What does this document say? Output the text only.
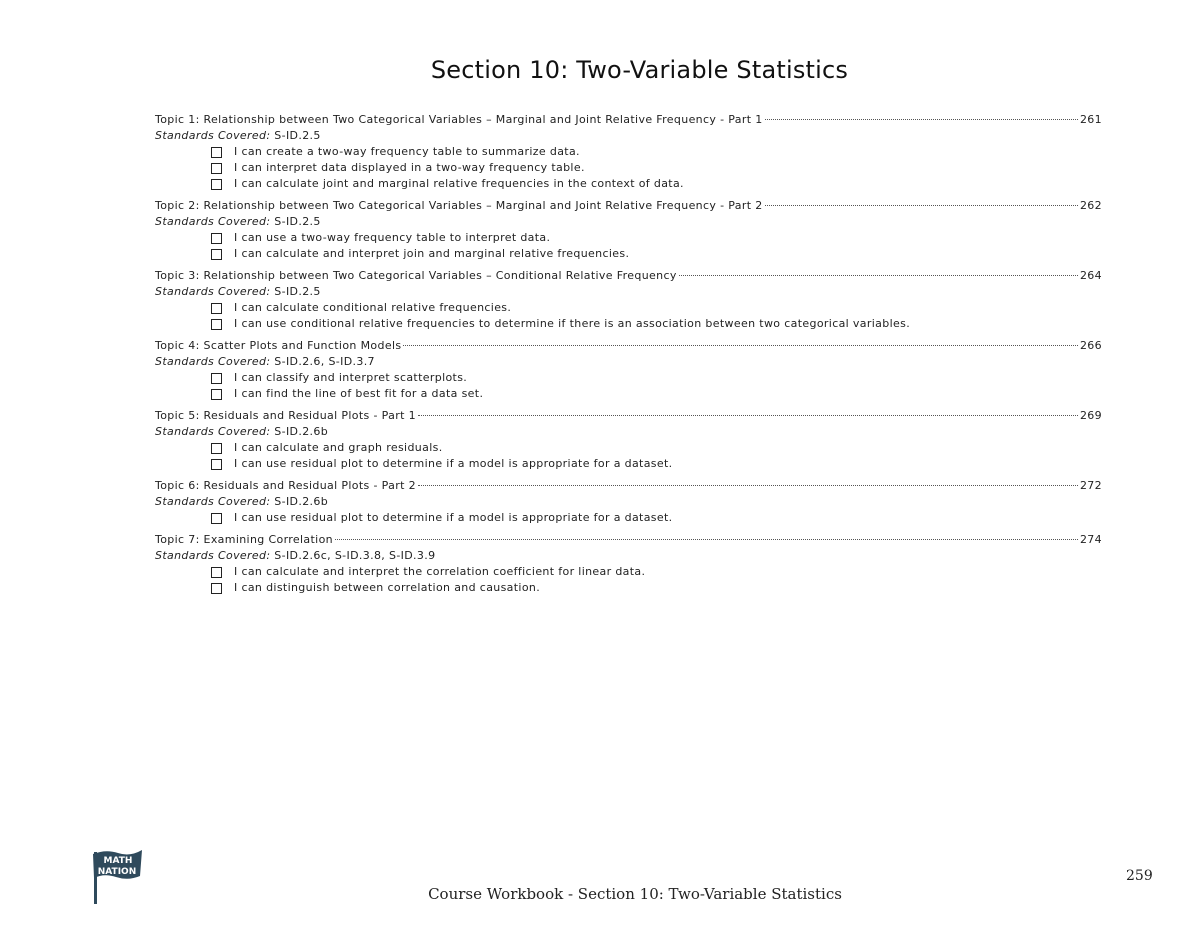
Section 10: Two-Variable Statistics
Topic 1: Relationship between Two Categorical Variables – Marginal and Joint Relative Frequency - Part 1	261
Standards Covered: S-ID.2.5
I can create a two-way frequency table to summarize data.
I can interpret data displayed in a two-way frequency table.
I can calculate joint and marginal relative frequencies in the context of data.
Topic 2: Relationship between Two Categorical Variables – Marginal and Joint Relative Frequency - Part 2	262
Standards Covered: S-ID.2.5
I can use a two-way frequency table to interpret data.
I can calculate and interpret join and marginal relative frequencies.
Topic 3: Relationship between Two Categorical Variables – Conditional Relative Frequency	264
Standards Covered: S-ID.2.5
I can calculate conditional relative frequencies.
I can use conditional relative frequencies to determine if there is an association between two categorical variables.
Topic 4: Scatter Plots and Function Models	266
Standards Covered: S-ID.2.6, S-ID.3.7
I can classify and interpret scatterplots.
I can find the line of best fit for a data set.
Topic 5: Residuals and Residual Plots - Part 1	269
Standards Covered: S-ID.2.6b
I can calculate and graph residuals.
I can use residual plot to determine if a model is appropriate for a dataset.
Topic 6: Residuals and Residual Plots - Part 2	272
Standards Covered: S-ID.2.6b
I can use residual plot to determine if a model is appropriate for a dataset.
Topic 7: Examining Correlation	274
Standards Covered: S-ID.2.6c, S-ID.3.8, S-ID.3.9
I can calculate and interpret the correlation coefficient for linear data.
I can distinguish between correlation and causation.
MATH
NATION
Course Workbook - Section 10: Two-Variable Statistics
259
